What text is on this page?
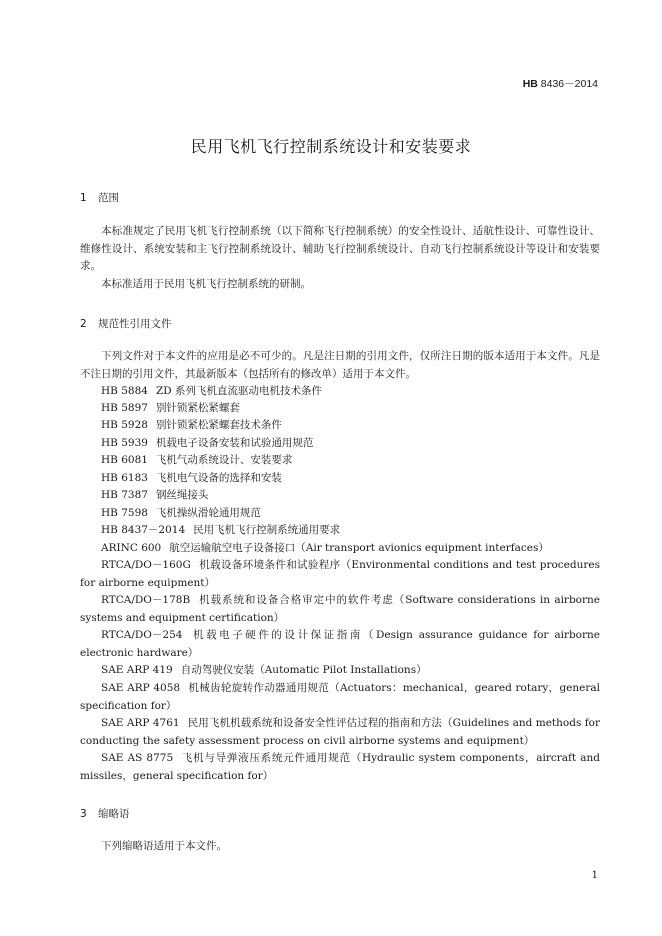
HB 8436－2014
民用飞机飞行控制系统设计和安装要求
1 范围
本标准规定了民用飞机飞行控制系统（以下简称飞行控制系统）的安全性设计、适航性设计、可靠性设计、维修性设计、系统安装和主飞行控制系统设计、辅助飞行控制系统设计、自动飞行控制系统设计等设计和安装要求。
本标准适用于民用飞机飞行控制系统的研制。
2 规范性引用文件
下列文件对于本文件的应用是必不可少的。凡是注日期的引用文件，仅所注日期的版本适用于本文件。凡是不注日期的引用文件，其最新版本（包括所有的修改单）适用于本文件。
HB 5884 ZD 系列飞机直流驱动电机技术条件
HB 5897 别针锁紧松紧螺套
HB 5928 别针锁紧松紧螺套技术条件
HB 5939 机载电子设备安装和试验通用规范
HB 6081 飞机气动系统设计、安装要求
HB 6183 飞机电气设备的选择和安装
HB 7387 钢丝绳接头
HB 7598 飞机操纵滑轮通用规范
HB 8437－2014 民用飞机飞行控制系统通用要求
ARINC 600 航空运输航空电子设备接口（Air transport avionics equipment interfaces）
RTCA/DO－160G 机载设备环境条件和试验程序（Environmental conditions and test procedures for airborne equipment）
RTCA/DO－178B 机载系统和设备合格审定中的软件考虑（Software considerations in airborne systems and equipment certification）
RTCA/DO－254 机载电子硬件的设计保证指南（Design assurance guidance for airborne electronic hardware）
SAE ARP 419 自动驾驶仪安装（Automatic Pilot Installations）
SAE ARP 4058 机械齿轮旋转作动器通用规范（Actuators：mechanical，geared rotary，general specification for）
SAE ARP 4761 民用飞机机载系统和设备安全性评估过程的指南和方法（Guidelines and methods for conducting the safety assessment process on civil airborne systems and equipment）
SAE AS 8775 飞机与导弹液压系统元件通用规范（Hydraulic system components，aircraft and missiles，general specification for）
3 缩略语
下列缩略语适用于本文件。
1
